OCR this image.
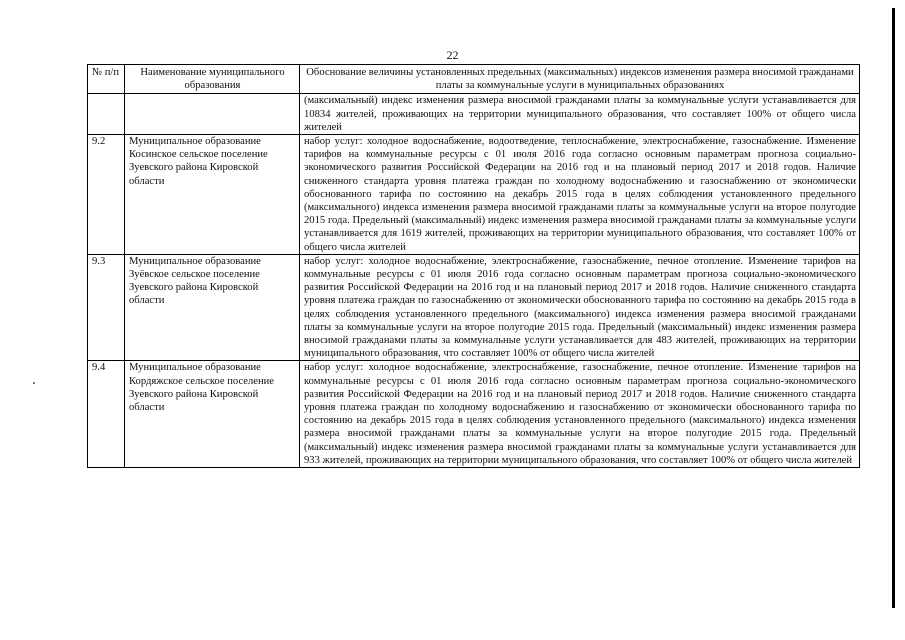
22
№ п/п	Наименование муниципального образования	Обоснование величины установленных предельных (максимальных) индексов изменения размера вносимой гражданами платы за коммунальные услуги в муниципальных образованиях
		(максимальный) индекс изменения размера вносимой гражданами платы за коммунальные услуги устанавливается для 10834 жителей, проживающих на территории муниципального образования, что составляет 100% от общего числа жителей
9.2	Муниципальное образование Косинское сельское поселение Зуевского района Кировской области	набор услуг: холодное водоснабжение, водоотведение, теплоснабжение, электроснабжение, газоснабжение. Изменение тарифов на коммунальные ресурсы с 01 июля 2016 года согласно основным параметрам прогноза социально-экономического развития Российской Федерации на 2016 год и на плановый период 2017 и 2018 годов. Наличие сниженного стандарта уровня платежа граждан по холодному водоснабжению и газоснабжению от экономически обоснованного тарифа по состоянию на декабрь 2015 года в целях соблюдения установленного предельного (максимального) индекса изменения размера вносимой гражданами платы за коммунальные услуги на второе полугодие 2015 года. Предельный (максимальный) индекс изменения размера вносимой гражданами платы за коммунальные услуги устанавливается для 1619 жителей, проживающих на территории муниципального образования, что составляет 100% от общего числа жителей
9.3	Муниципальное образование Зуёвское сельское поселение Зуевского района Кировской области	набор услуг: холодное водоснабжение, электроснабжение, газоснабжение, печное отопление. Изменение тарифов на коммунальные ресурсы с 01 июля 2016 года согласно основным параметрам прогноза социально-экономического развития Российской Федерации на 2016 год и на плановый период 2017 и 2018 годов. Наличие сниженного стандарта уровня платежа граждан по газоснабжению от экономически обоснованного тарифа по состоянию на декабрь 2015 года в целях соблюдения установленного предельного (максимального) индекса изменения размера вносимой гражданами платы за коммунальные услуги на второе полугодие 2015 года. Предельный (максимальный) индекс изменения размера вносимой гражданами платы за коммунальные услуги устанавливается для 483 жителей, проживающих на территории муниципального образования, что составляет 100% от общего числа жителей
9.4	Муниципальное образование Кордяжское сельское поселение Зуевского района Кировской области	набор услуг: холодное водоснабжение, электроснабжение, газоснабжение, печное отопление. Изменение тарифов на коммунальные ресурсы с 01 июля 2016 года согласно основным параметрам прогноза социально-экономического развития Российской Федерации на 2016 год и на плановый период 2017 и 2018 годов. Наличие сниженного стандарта уровня платежа граждан по холодному водоснабжению и газоснабжению от экономически обоснованного тарифа по состоянию на декабрь 2015 года в целях соблюдения установленного предельного (максимального) индекса изменения размера вносимой гражданами платы за коммунальные услуги на второе полугодие 2015 года. Предельный (максимальный) индекс изменения размера вносимой гражданами платы за коммунальные услуги устанавливается для 933 жителей, проживающих на территории муниципального образования, что составляет 100% от общего числа жителей
